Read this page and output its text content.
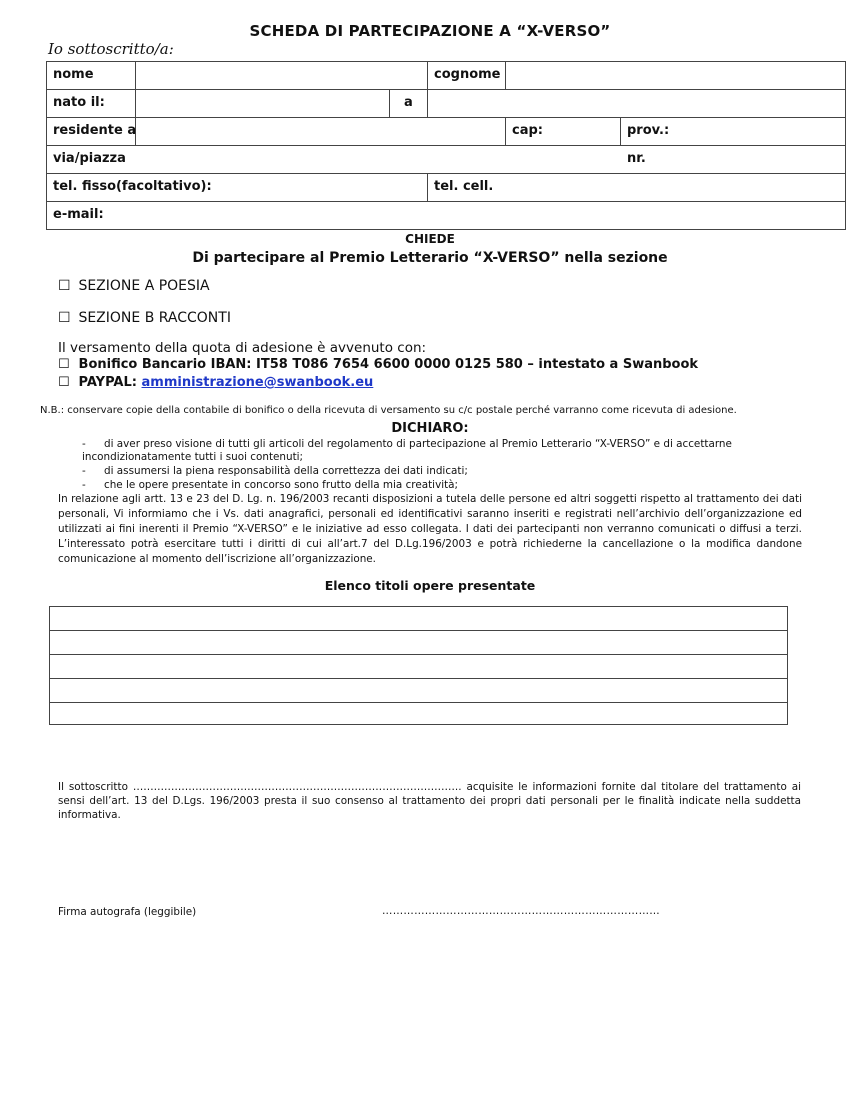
SCHEDA DI PARTECIPAZIONE A “X-VERSO”
Io sottoscritto/a:
nome	cognome
nato il:	a
residente a	cap:	prov.:
via/piazza	nr.
tel. fisso(facoltativo):	tel. cell.
e-mail:
CHIEDE
Di partecipare al Premio Letterario “X-VERSO” nella sezione
☐ SEZIONE A POESIA
☐ SEZIONE B RACCONTI
Il versamento della quota di adesione è avvenuto con:
☐ Bonifico Bancario IBAN: IT58 T086 7654 6600 0000 0125 580 – intestato a Swanbook
☐ PAYPAL: amministrazione@swanbook.eu
N.B.: conservare copie della contabile di bonifico o della ricevuta di versamento su c/c postale perché varranno come ricevuta di adesione.
DICHIARO:
di aver preso visione di tutti gli articoli del regolamento di partecipazione al Premio Letterario “X-VERSO” e di accettarne incondizionatamente tutti i suoi contenuti;
-
di assumersi la piena responsabilità della correttezza dei dati indicati;
-
che le opere presentate in concorso sono frutto della mia creatività;
-
In relazione agli artt. 13 e 23 del D. Lg. n. 196/2003 recanti disposizioni a tutela delle persone ed altri soggetti rispetto al trattamento dei dati personali, Vi informiamo che i Vs. dati anagrafici, personali ed identificativi saranno inseriti e registrati nell’archivio dell’organizzazione ed utilizzati ai fini inerenti il Premio “X-VERSO” e le iniziative ad esso collegata. I dati dei partecipanti non verranno comunicati o diffusi a terzi. L’interessato potrà esercitare tutti i diritti di cui all’art.7 del D.Lg.196/2003 e potrà richiederne la cancellazione o la modifica dandone comunicazione al momento dell’iscrizione all’organizzazione.
Elenco titoli opere presentate
Il sottoscritto ………………………………………………………………………………….. acquisite le informazioni fornite dal titolare del trattamento ai sensi dell’art. 13 del D.Lgs. 196/2003 presta il suo consenso al trattamento dei propri dati personali per le finalità indicate nella suddetta informativa.
Firma autografa (leggibile)	……………………………………………………………………
